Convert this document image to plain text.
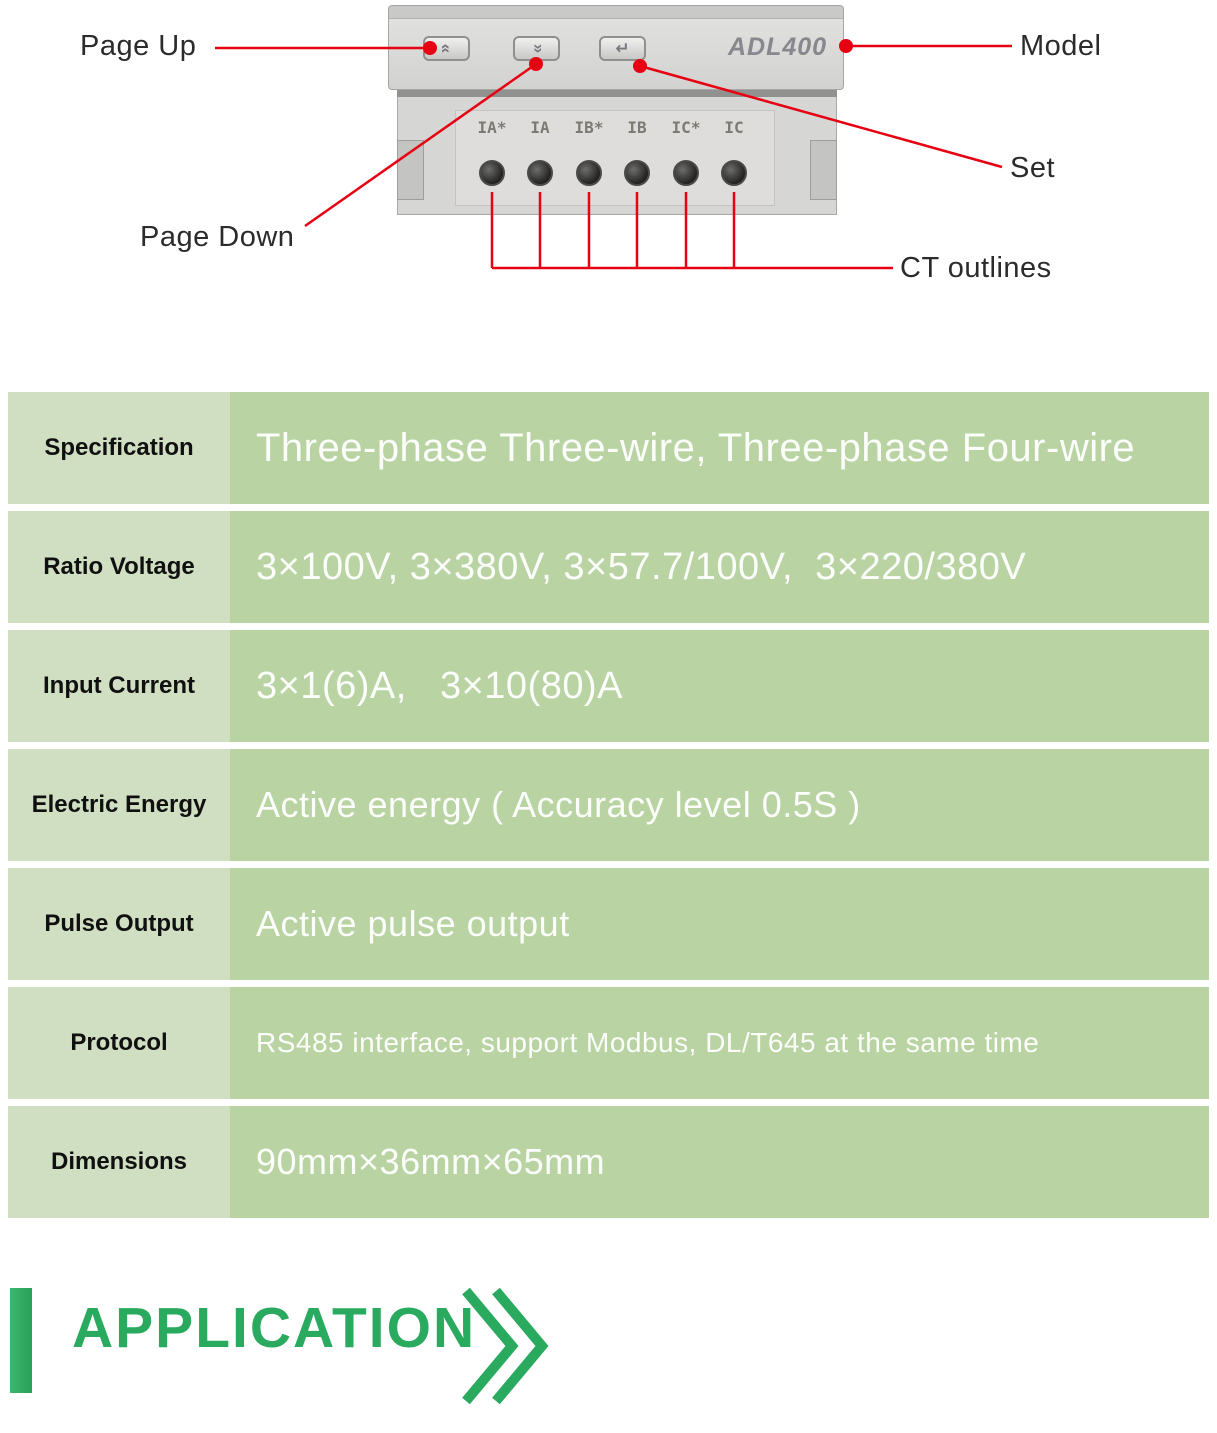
«	«	↵	ADL400
IA*	IA	IB*	IB	IC*	IC
Page Up	Model
Set
Page Down
CT outlines
Specification	Three-phase Three-wire, Three-phase Four-wire
Ratio Voltage	3×100V, 3×380V, 3×57.7/100V,  3×220/380V
Input Current	3×1(6)A,   3×10(80)A
Electric Energy	Active energy ( Accuracy level 0.5S )
Pulse Output	Active pulse output
Protocol	RS485 interface, support Modbus, DL/T645 at the same time
Dimensions	90mm×36mm×65mm
APPLICATION
